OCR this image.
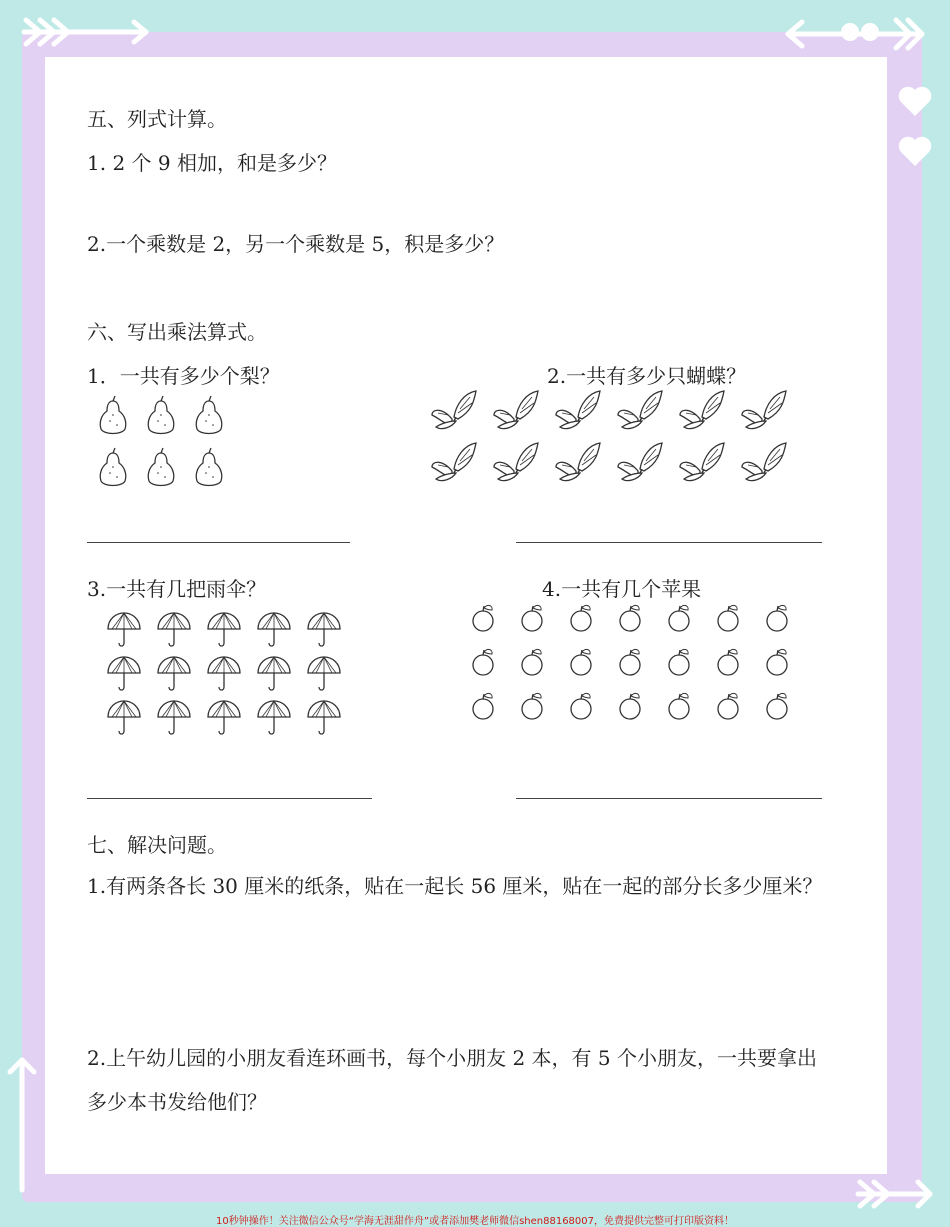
五、列式计算。
1. 2 个 9 相加，和是多少？
2.一个乘数是 2，另一个乘数是 5，积是多少？
六、写出乘法算式。
1．一共有多少个梨？	2.一共有多少只蝴蝶？
3.一共有几把雨伞？	4.一共有几个苹果
七、解决问题。
1.有两条各长 30 厘米的纸条，贴在一起长 56 厘米，贴在一起的部分长多少厘米？
2.上午幼儿园的小朋友看连环画书，每个小朋友 2 本，有 5 个小朋友，一共要拿出多少本书发给他们？
10秒钟操作！关注微信公众号“学海无涯甜作舟”或者添加樊老师微信shen88168007，免费提供完整可打印版资料！
